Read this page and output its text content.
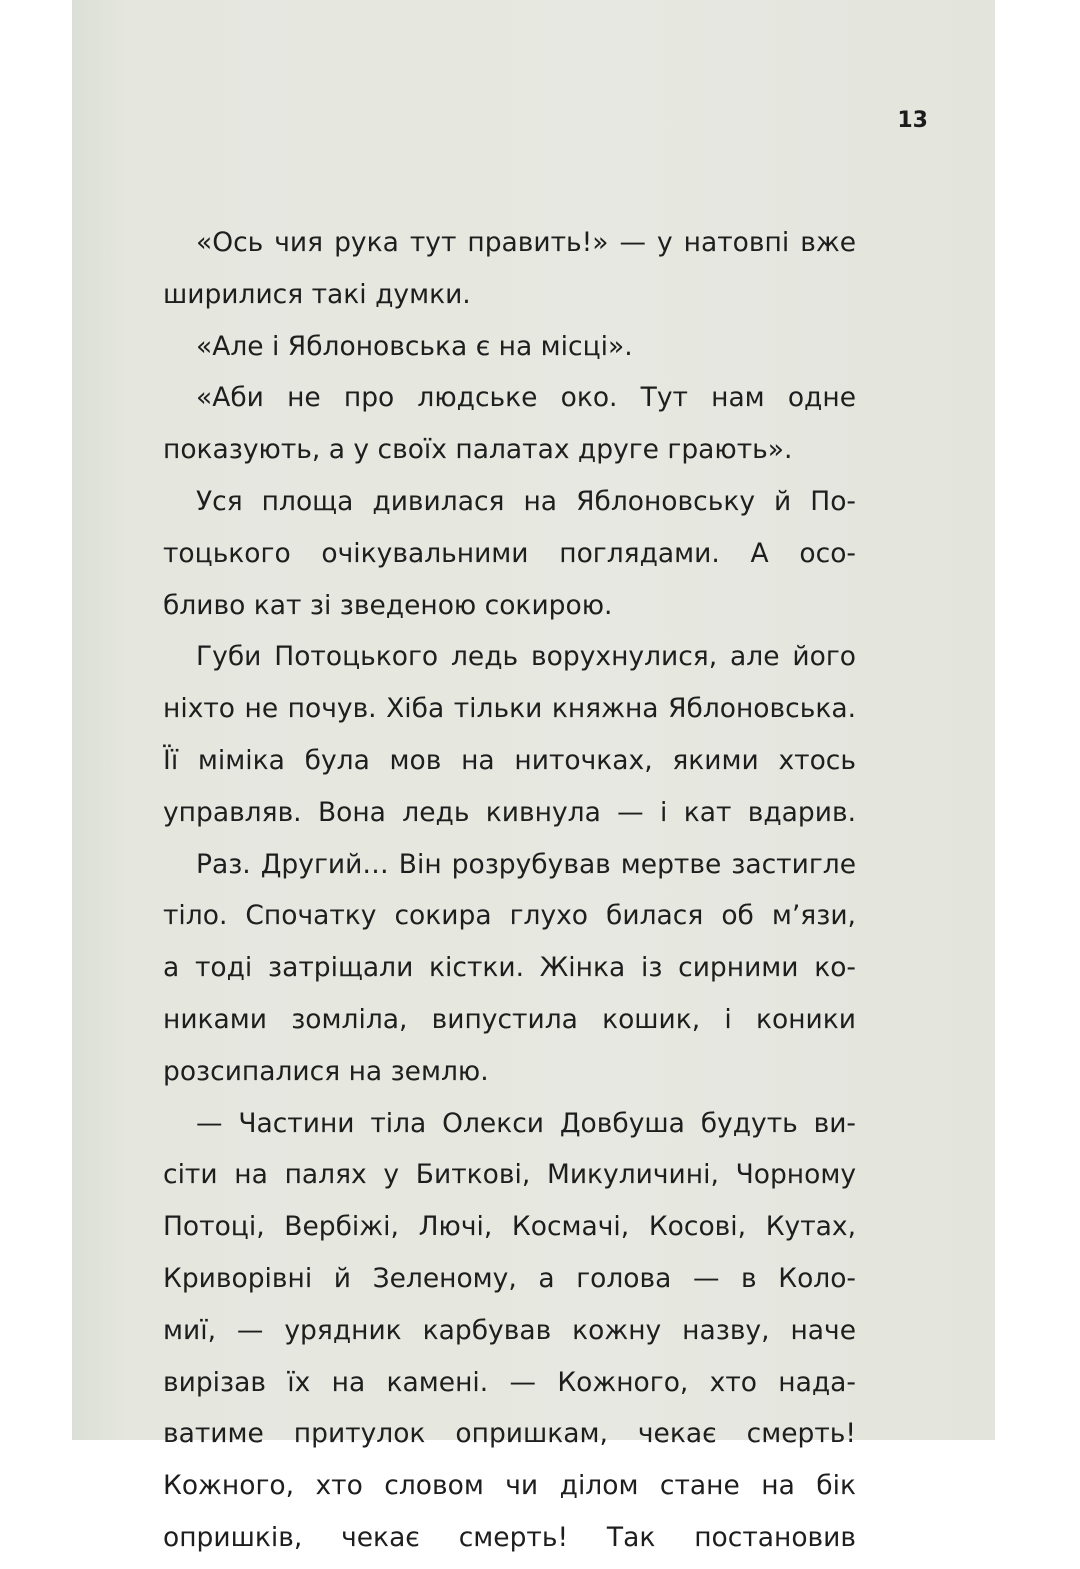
13
«Ось чия рука тут править!» — у натовпі вже
ширилися такі думки.
«Але і Яблоновська є на місці».
«Аби не про людське око. Тут нам одне
показують, а у своїх палатах друге грають».
Уся площа дивилася на Яблоновську й По-
тоцького очікувальними поглядами. А осо-
бливо кат зі зведеною сокирою.
Губи Потоцького ледь ворухнулися, але його
ніхто не почув. Хіба тільки княжна Яблоновська.
Її міміка була мов на ниточках, якими хтось
управляв. Вона ледь кивнула — і кат вдарив.
Раз. Другий… Він розрубував мертве застигле
тіло. Спочатку сокира глухо билася об м’язи,
а тоді затріщали кістки. Жінка із сирними ко-
никами зомліла, випустила кошик, і коники
розсипалися на землю.
— Частини тіла Олекси Довбуша будуть ви-
сіти на палях у Биткові, Микуличині, Чорному
Потоці, Вербіжі, Лючі, Космачі, Косові, Кутах,
Криворівні й Зеленому, а голова — в Коло-
миї, — урядник карбував кожну назву, наче
вирізав їх на камені. — Кожного, хто нада-
ватиме притулок опришкам, чекає смерть!
Кожного, хто словом чи ділом стане на бік
опришків, чекає смерть! Так постановив
